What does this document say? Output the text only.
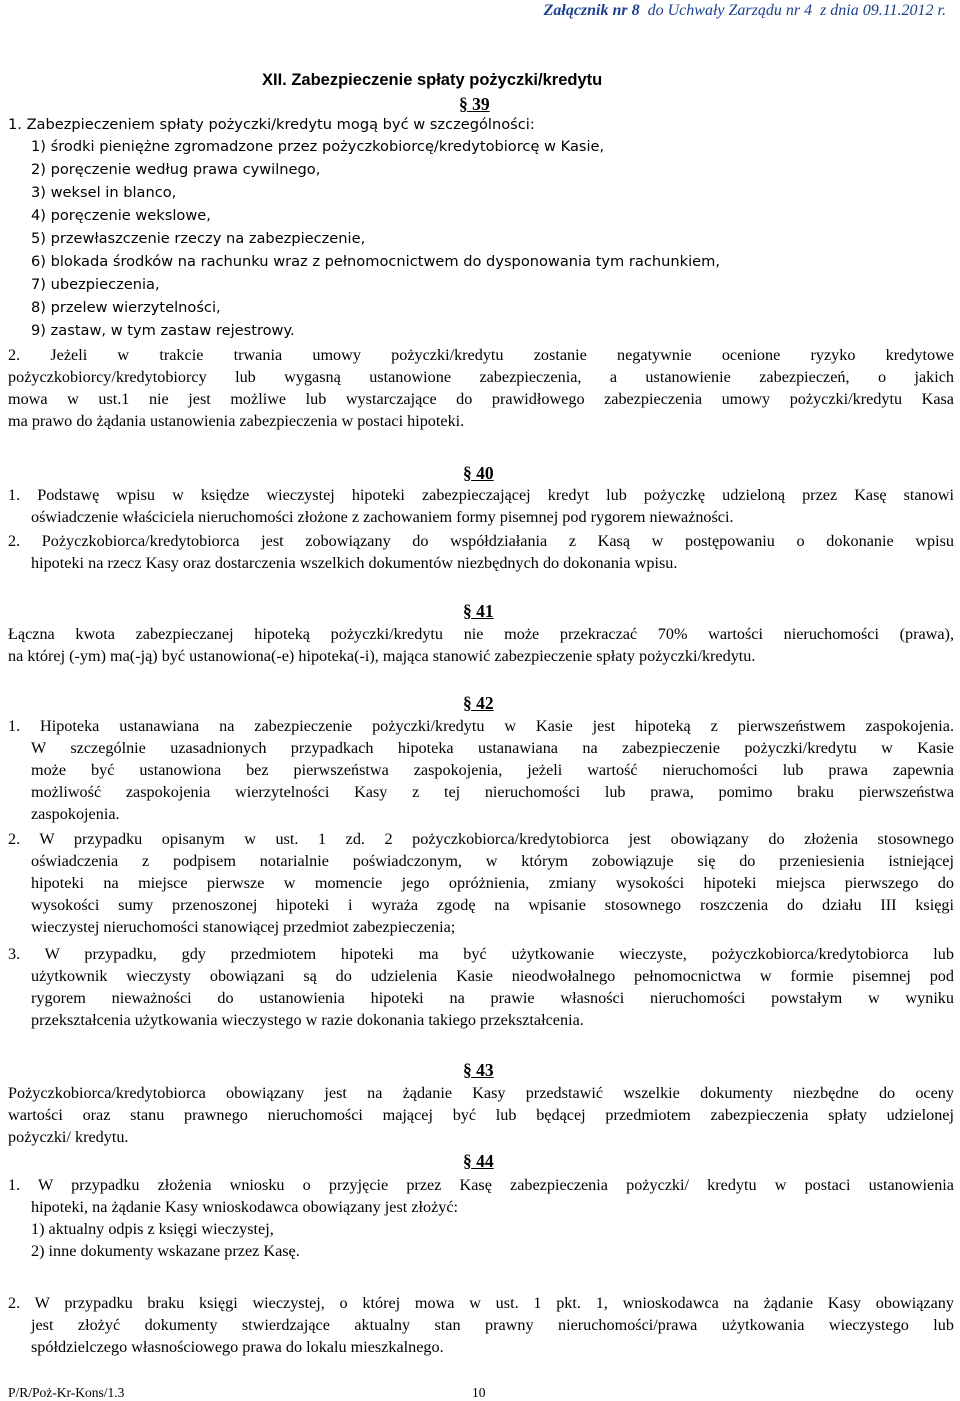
Załącznik nr 8 do Uchwały Zarządu nr 4 z dnia 09.11.2012 r.
XII. Zabezpieczenie spłaty pożyczki/kredytu
§ 39
1. Zabezpieczeniem spłaty pożyczki/kredytu mogą być w szczególności:
1) środki pieniężne zgromadzone przez pożyczkobiorcę/kredytobiorcę w Kasie,
2) poręczenie według prawa cywilnego,
3) weksel in blanco,
4) poręczenie wekslowe,
5) przewłaszczenie rzeczy na zabezpieczenie,
6) blokada środków na rachunku wraz z pełnomocnictwem do dysponowania tym rachunkiem,
7) ubezpieczenia,
8) przelew wierzytelności,
9) zastaw, w tym zastaw rejestrowy.
2. Jeżeli w trakcie trwania umowy pożyczki/kredytu zostanie negatywnie ocenione ryzyko kredytowe
pożyczkobiorcy/kredytobiorcy lub wygasną ustanowione zabezpieczenia, a ustanowienie zabezpieczeń, o jakich
mowa w ust.1 nie jest możliwe lub wystarczające do prawidłowego zabezpieczenia umowy pożyczki/kredytu Kasa
ma prawo do żądania ustanowienia zabezpieczenia w postaci hipoteki.
§ 40
1. Podstawę wpisu w księdze wieczystej hipoteki zabezpieczającej kredyt lub pożyczkę udzieloną przez Kasę stanowi
oświadczenie właściciela nieruchomości złożone z zachowaniem formy pisemnej pod rygorem nieważności.
2. Pożyczkobiorca/kredytobiorca jest zobowiązany do współdziałania z Kasą w postępowaniu o dokonanie wpisu
hipoteki na rzecz Kasy oraz dostarczenia wszelkich dokumentów niezbędnych do dokonania wpisu.
§ 41
Łączna kwota zabezpieczanej hipoteką pożyczki/kredytu nie może przekraczać 70% wartości nieruchomości (prawa),
na której (-ym) ma(-ją) być ustanowiona(-e) hipoteka(-i), mająca stanowić zabezpieczenie spłaty pożyczki/kredytu.
§ 42
1. Hipoteka ustanawiana na zabezpieczenie pożyczki/kredytu w Kasie jest hipoteką z pierwszeństwem zaspokojenia.
W szczególnie uzasadnionych przypadkach hipoteka ustanawiana na zabezpieczenie pożyczki/kredytu w Kasie
może być ustanowiona bez pierwszeństwa zaspokojenia, jeżeli wartość nieruchomości lub prawa zapewnia
możliwość zaspokojenia wierzytelności Kasy z tej nieruchomości lub prawa, pomimo braku pierwszeństwa
zaspokojenia.
2. W przypadku opisanym w ust. 1 zd. 2 pożyczkobiorca/kredytobiorca jest obowiązany do złożenia stosownego
oświadczenia z podpisem notarialnie poświadczonym, w którym zobowiązuje się do przeniesienia istniejącej
hipoteki na miejsce pierwsze w momencie jego opróżnienia, zmiany wysokości hipoteki miejsca pierwszego do
wysokości sumy przenoszonej hipoteki i wyraża zgodę na wpisanie stosownego roszczenia do działu III księgi
wieczystej nieruchomości stanowiącej przedmiot zabezpieczenia;
3. W przypadku, gdy przedmiotem hipoteki ma być użytkowanie wieczyste, pożyczkobiorca/kredytobiorca lub
użytkownik wieczysty obowiązani są do udzielenia Kasie nieodwołalnego pełnomocnictwa w formie pisemnej pod
rygorem nieważności do ustanowienia hipoteki na prawie własności nieruchomości powstałym w wyniku
przekształcenia użytkowania wieczystego w razie dokonania takiego przekształcenia.
§ 43
Pożyczkobiorca/kredytobiorca obowiązany jest na żądanie Kasy przedstawić wszelkie dokumenty niezbędne do oceny
wartości oraz stanu prawnego nieruchomości mającej być lub będącej przedmiotem zabezpieczenia spłaty udzielonej
pożyczki/ kredytu.
§ 44
1. W przypadku złożenia wniosku o przyjęcie przez Kasę zabezpieczenia pożyczki/ kredytu w postaci ustanowienia
hipoteki, na żądanie Kasy wnioskodawca obowiązany jest złożyć:
1) aktualny odpis z księgi wieczystej,
2) inne dokumenty wskazane przez Kasę.
2. W przypadku braku księgi wieczystej, o której mowa w ust. 1 pkt. 1, wnioskodawca na żądanie Kasy obowiązany
jest złożyć dokumenty stwierdzające aktualny stan prawny nieruchomości/prawa użytkowania wieczystego lub
spółdzielczego własnościowego prawa do lokalu mieszkalnego.
P/R/Poż-Kr-Kons/1.3	10
